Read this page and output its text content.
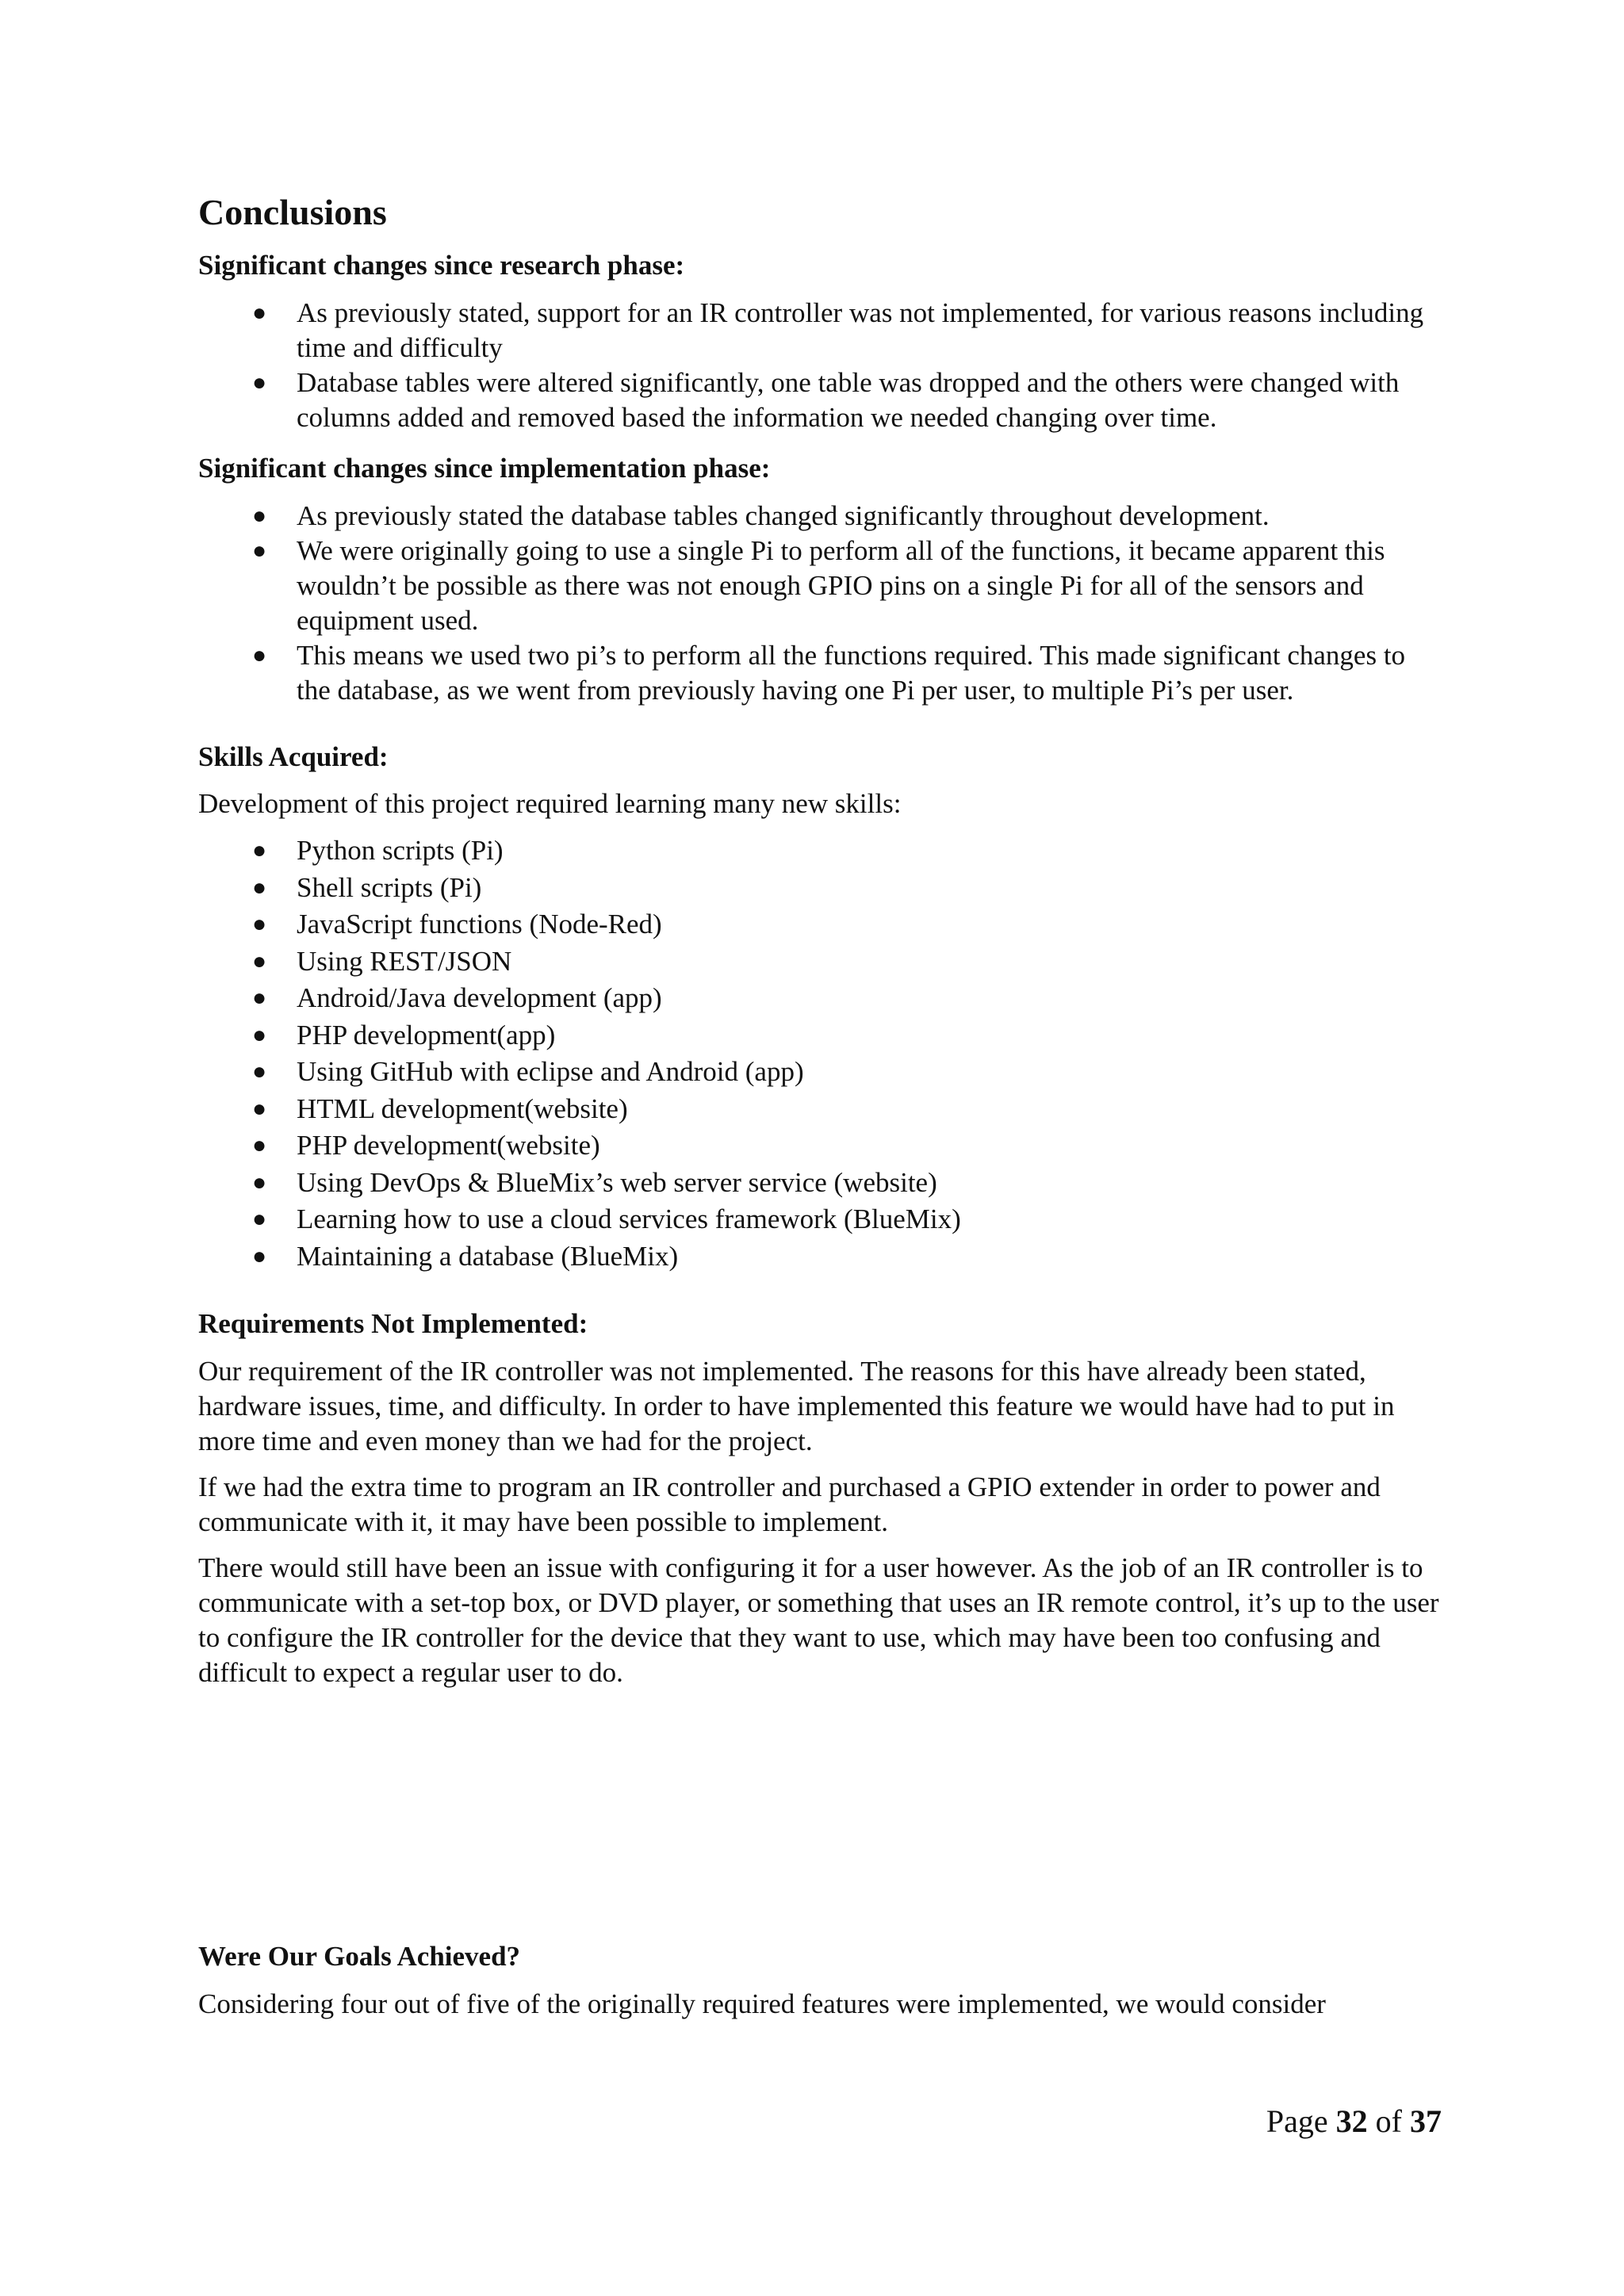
Conclusions
Significant changes since research phase:
● As previously stated, support for an IR controller was not implemented, for various reasons including time and difficulty
● Database tables were altered significantly, one table was dropped and the others were changed with columns added and removed based the information we needed changing over time.
Significant changes since implementation phase:
● As previously stated the database tables changed significantly throughout development.
● We were originally going to use a single Pi to perform all of the functions, it became apparent this wouldn’t be possible as there was not enough GPIO pins on a single Pi for all of the sensors and equipment used.
● This means we used two pi’s to perform all the functions required. This made significant changes to the database, as we went from previously having one Pi per user, to multiple Pi’s per user.
Skills Acquired:
Development of this project required learning many new skills:
● Python scripts (Pi)
● Shell scripts (Pi)
● JavaScript functions (Node-Red)
● Using REST/JSON
● Android/Java development (app)
● PHP development(app)
● Using GitHub with eclipse and Android (app)
● HTML development(website)
● PHP development(website)
● Using DevOps & BlueMix’s web server service (website)
● Learning how to use a cloud services framework (BlueMix)
● Maintaining a database (BlueMix)
Requirements Not Implemented:
Our requirement of the IR controller was not implemented. The reasons for this have already been stated, hardware issues, time, and difficulty. In order to have implemented this feature we would have had to put in more time and even money than we had for the project.
If we had the extra time to program an IR controller and purchased a GPIO extender in order to power and communicate with it, it may have been possible to implement.
There would still have been an issue with configuring it for a user however. As the job of an IR controller is to communicate with a set-top box, or DVD player, or something that uses an IR remote control, it’s up to the user to configure the IR controller for the device that they want to use, which may have been too confusing and difficult to expect a regular user to do.
Were Our Goals Achieved?
Considering four out of five of the originally required features were implemented, we would consider
Page 32 of 37
